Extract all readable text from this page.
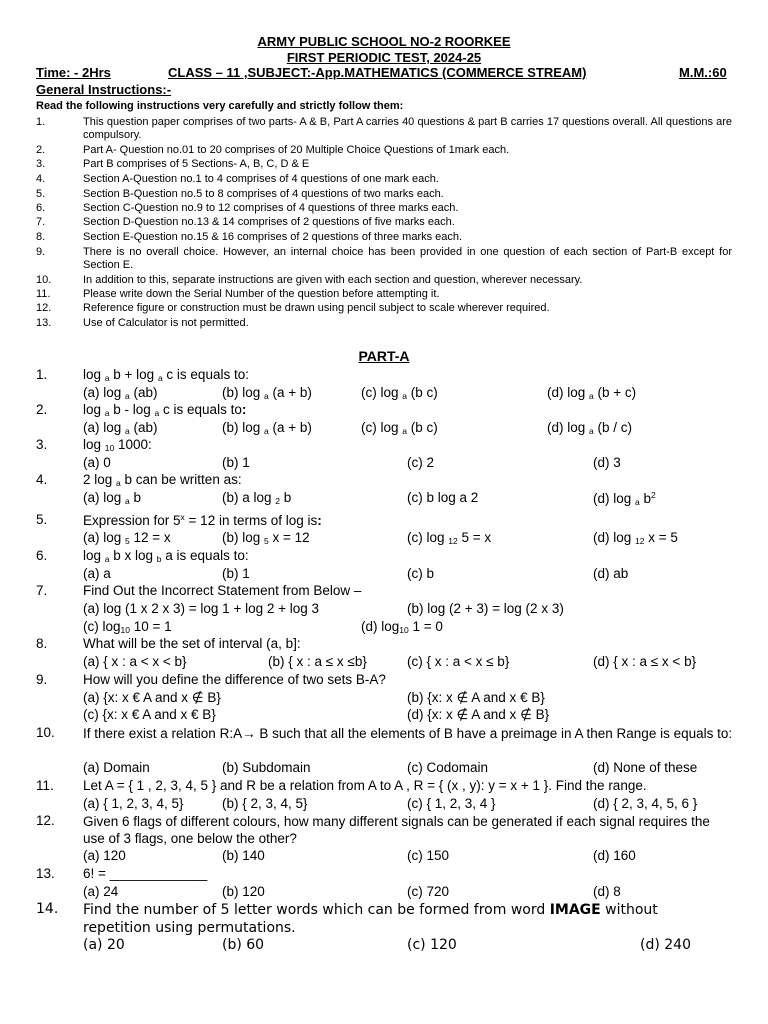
ARMY PUBLIC SCHOOL NO-2 ROORKEE
FIRST PERIODIC TEST, 2024-25
Time: - 2Hrs	CLASS – 11 ,SUBJECT:-App.MATHEMATICS (COMMERCE STREAM)	M.M.:60
General Instructions:-
Read the following instructions very carefully and strictly follow them:
1.	This question paper comprises of two parts- A & B, Part A carries 40 questions & part B carries 17 questions overall. All questions are compulsory.
2.	Part A- Question no.01 to 20 comprises of 20 Multiple Choice Questions of 1mark each.
3.	Part B comprises of 5 Sections- A, B, C, D & E
4.	Section A-Question no.1 to 4 comprises of 4 questions of one mark each.
5.	Section B-Question no.5 to 8 comprises of 4 questions of two marks each.
6.	Section C-Question no.9 to 12 comprises of 4 questions of three marks each.
7.	Section D-Question no.13 & 14 comprises of 2 questions of five marks each.
8.	Section E-Question no.15 & 16 comprises of 2 questions of three marks each.
9.	There is no overall choice. However, an internal choice has been provided in one question of each section of Part-B except for Section E.
10.	In addition to this, separate instructions are given with each section and question, wherever necessary.
11.	Please write down the Serial Number of the question before attempting it.
12.	Reference figure or construction must be drawn using pencil subject to scale wherever required.
13.	Use of Calculator is not permitted.
PART-A
1.	log $_a$ b + log $_a$ c is equals to:
(a) log $_a$ (ab)	(b) log $_a$ (a + b)	(c) log $_a$ (b c)	(d) log $_a$ (b + c)
2.	log $_a$ b - log $_a$ c is equals to:
(a) log $_a$ (ab)	(b) log $_a$ (a + b)	(c) log $_a$ (b c)	(d) log $_a$ (b / c)
3.	log $_{10}$ 1000:
(a) 0	(b) 1	(c) 2	(d) 3
4.	2 log $_a$ b can be written as:
(a) log $_a$ b	(b) a log $_2$ b	(c) b log a 2	(d) log $_a$ $b^2$
5.	Expression for $5^x = 12$ in terms of log is:
(a) log $_5$ 12 = x	(b) log $_5$ x = 12	(c) log $_{12}$ 5 = x	(d) log $_{12}$ x = 5
6.	log $_a$ b x log $_b$ a is equals to:
(a) a	(b) 1	(c) b	(d) ab
7.	Find Out the Incorrect Statement from Below –
(a) log (1 x 2 x 3) = log 1 + log 2 + log 3	(b) log (2 + 3) = log (2 x 3)
(c) $\log_{10} 10 = 1$	(d) $\log_{10} 1 = 0$
8.	What will be the set of interval (a, b]:
(a) { x : a < x < b}	(b) { x : a ≤ x ≤b}	(c) { x : a < x ≤ b}	(d) { x : a ≤ x < b}
9.	How will you define the difference of two sets B-A?
(a) {x: x € A and x ∉ B}	(b) {x: x ∉ A and x € B}
(c) {x: x € A and x € B}	(d) {x: x ∉ A and x ∉ B}
10. If there exist a relation R:A→ B such that all the elements of B have a preimage in A then Range is equals to:
(a) Domain	(b) Subdomain	(c) Codomain	(d) None of these
11. Let A = { 1 , 2, 3, 4, 5 } and R be a relation from A to A , R = { (x , y): y = x + 1 }. Find the range.
(a) { 1, 2, 3, 4, 5}	(b) { 2, 3, 4, 5}	(c) { 1, 2, 3, 4 }	(d) { 2, 3, 4, 5, 6 }
12. Given 6 flags of different colours, how many different signals can be generated if each signal requires the use of 3 flags, one below the other?
(a) 120	(b) 140	(c) 150	(d) 160
13. 6! = _____________
(a) 24	(b) 120	(c) 720	(d) 8
14. Find the number of 5 letter words which can be formed from word IMAGE without repetition using permutations.
(a) 20	(b) 60	(c) 120	(d) 240
